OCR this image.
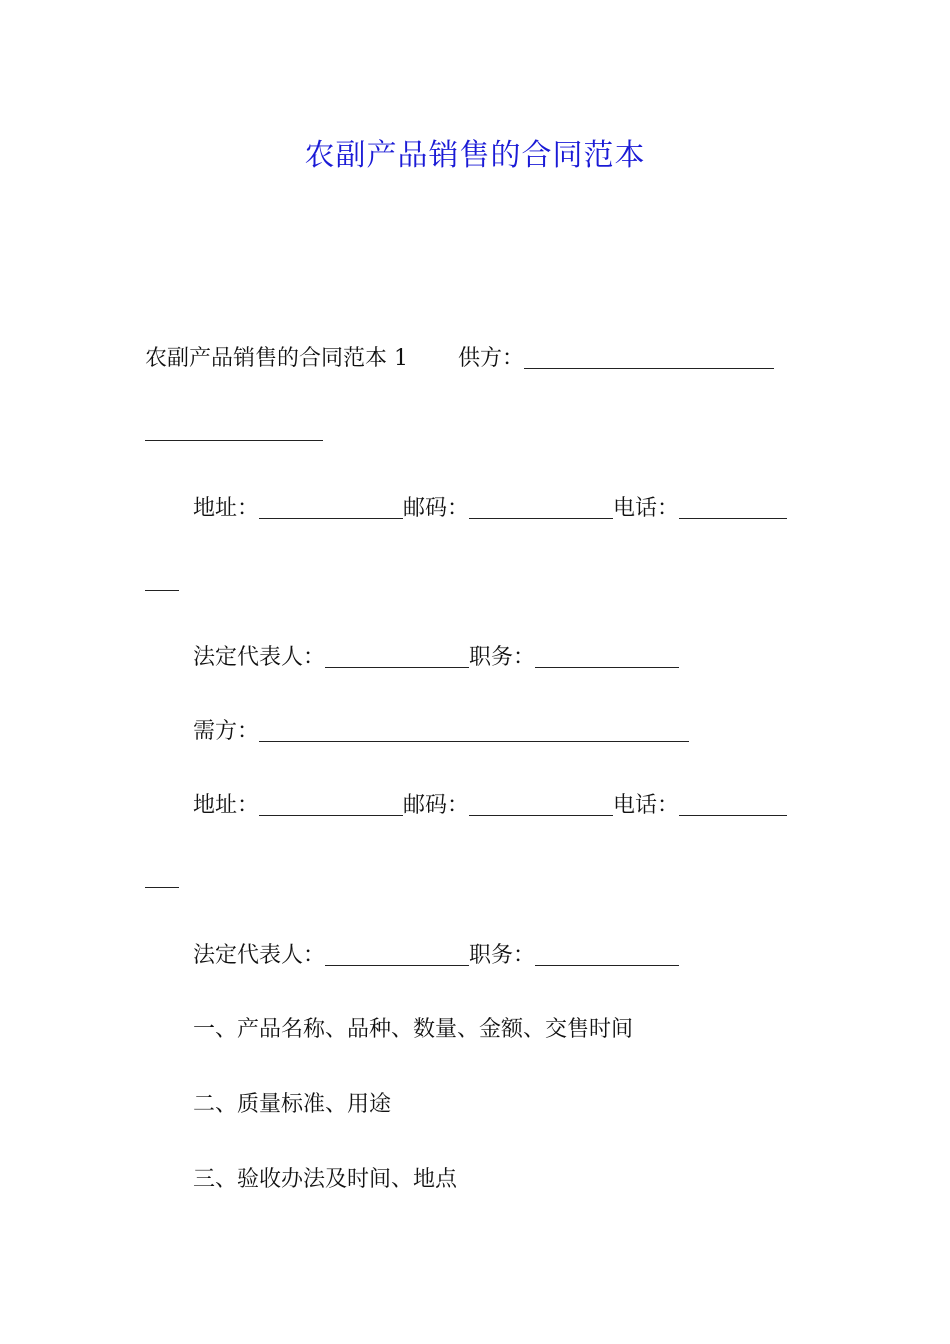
农副产品销售的合同范本
农副产品销售的合同范本 1 供方：
地址：	邮码：	电话：
法定代表人：	职务：
需方：
地址：	邮码：	电话：
法定代表人：	职务：
一、产品名称、品种、数量、金额、交售时间
二、质量标准、用途
三、验收办法及时间、地点
